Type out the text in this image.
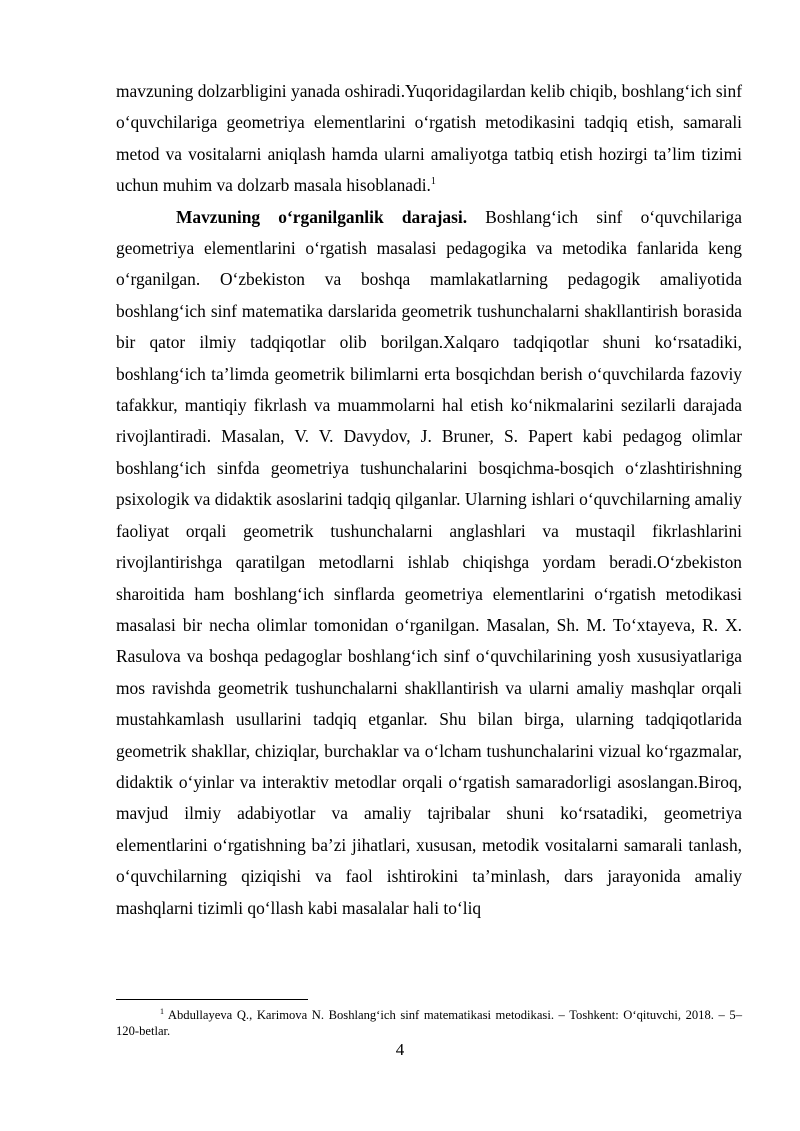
mavzuning dolzarbligini yanada oshiradi.Yuqoridagilardan kelib chiqib, boshlang‘ich sinf o‘quvchilariga geometriya elementlarini o‘rgatish metodikasini tadqiq etish, samarali metod va vositalarni aniqlash hamda ularni amaliyotga tatbiq etish hozirgi ta’lim tizimi uchun muhim va dolzarb masala hisoblanadi.$^1$

Mavzuning o‘rganilganlik darajasi. Boshlang‘ich sinf o‘quvchilariga geometriya elementlarini o‘rgatish masalasi pedagogika va metodika fanlarida keng o‘rganilgan. O‘zbekiston va boshqa mamlakatlarning pedagogik amaliyotida boshlang‘ich sinf matematika darslarida geometrik tushunchalarni shakllantirish borasida bir qator ilmiy tadqiqotlar olib borilgan.Xalqaro tadqiqotlar shuni ko‘rsatadiki, boshlang‘ich ta’limda geometrik bilimlarni erta bosqichdan berish o‘quvchilarda fazoviy tafakkur, mantiqiy fikrlash va muammolarni hal etish ko‘nikmalarini sezilarli darajada rivojlantiradi. Masalan, V. V. Davydov, J. Bruner, S. Papert kabi pedagog olimlar boshlang‘ich sinfda geometriya tushunchalarini bosqichma-bosqich o‘zlashtirishning psixologik va didaktik asoslarini tadqiq qilganlar. Ularning ishlari o‘quvchilarning amaliy faoliyat orqali geometrik tushunchalarni anglashlari va mustaqil fikrlashlarini rivojlantirishga qaratilgan metodlarni ishlab chiqishga yordam beradi.O‘zbekiston sharoitida ham boshlang‘ich sinflarda geometriya elementlarini o‘rgatish metodikasi masalasi bir necha olimlar tomonidan o‘rganilgan. Masalan, Sh. M. To‘xtayeva, R. X. Rasulova va boshqa pedagoglar boshlang‘ich sinf o‘quvchilarining yosh xususiyatlariga mos ravishda geometrik tushunchalarni shakllantirish va ularni amaliy mashqlar orqali mustahkamlash usullarini tadqiq etganlar. Shu bilan birga, ularning tadqiqotlarida geometrik shakllar, chiziqlar, burchaklar va o‘lcham tushunchalarini vizual ko‘rgazmalar, didaktik o‘yinlar va interaktiv metodlar orqali o‘rgatish samaradorligi asoslangan.Biroq, mavjud ilmiy adabiyotlar va amaliy tajribalar shuni ko‘rsatadiki, geometriya elementlarini o‘rgatishning ba’zi jihatlari, xususan, metodik vositalarni samarali tanlash, o‘quvchilarning qiziqishi va faol ishtirokini ta’minlash, dars jarayonida amaliy mashqlarni tizimli qo‘llash kabi masalalar hali to‘liq

$^1$ Abdullayeva Q., Karimova N. Boshlang‘ich sinf matematikasi metodikasi. – Toshkent: O‘qituvchi, 2018. – 5–120-betlar.
4
